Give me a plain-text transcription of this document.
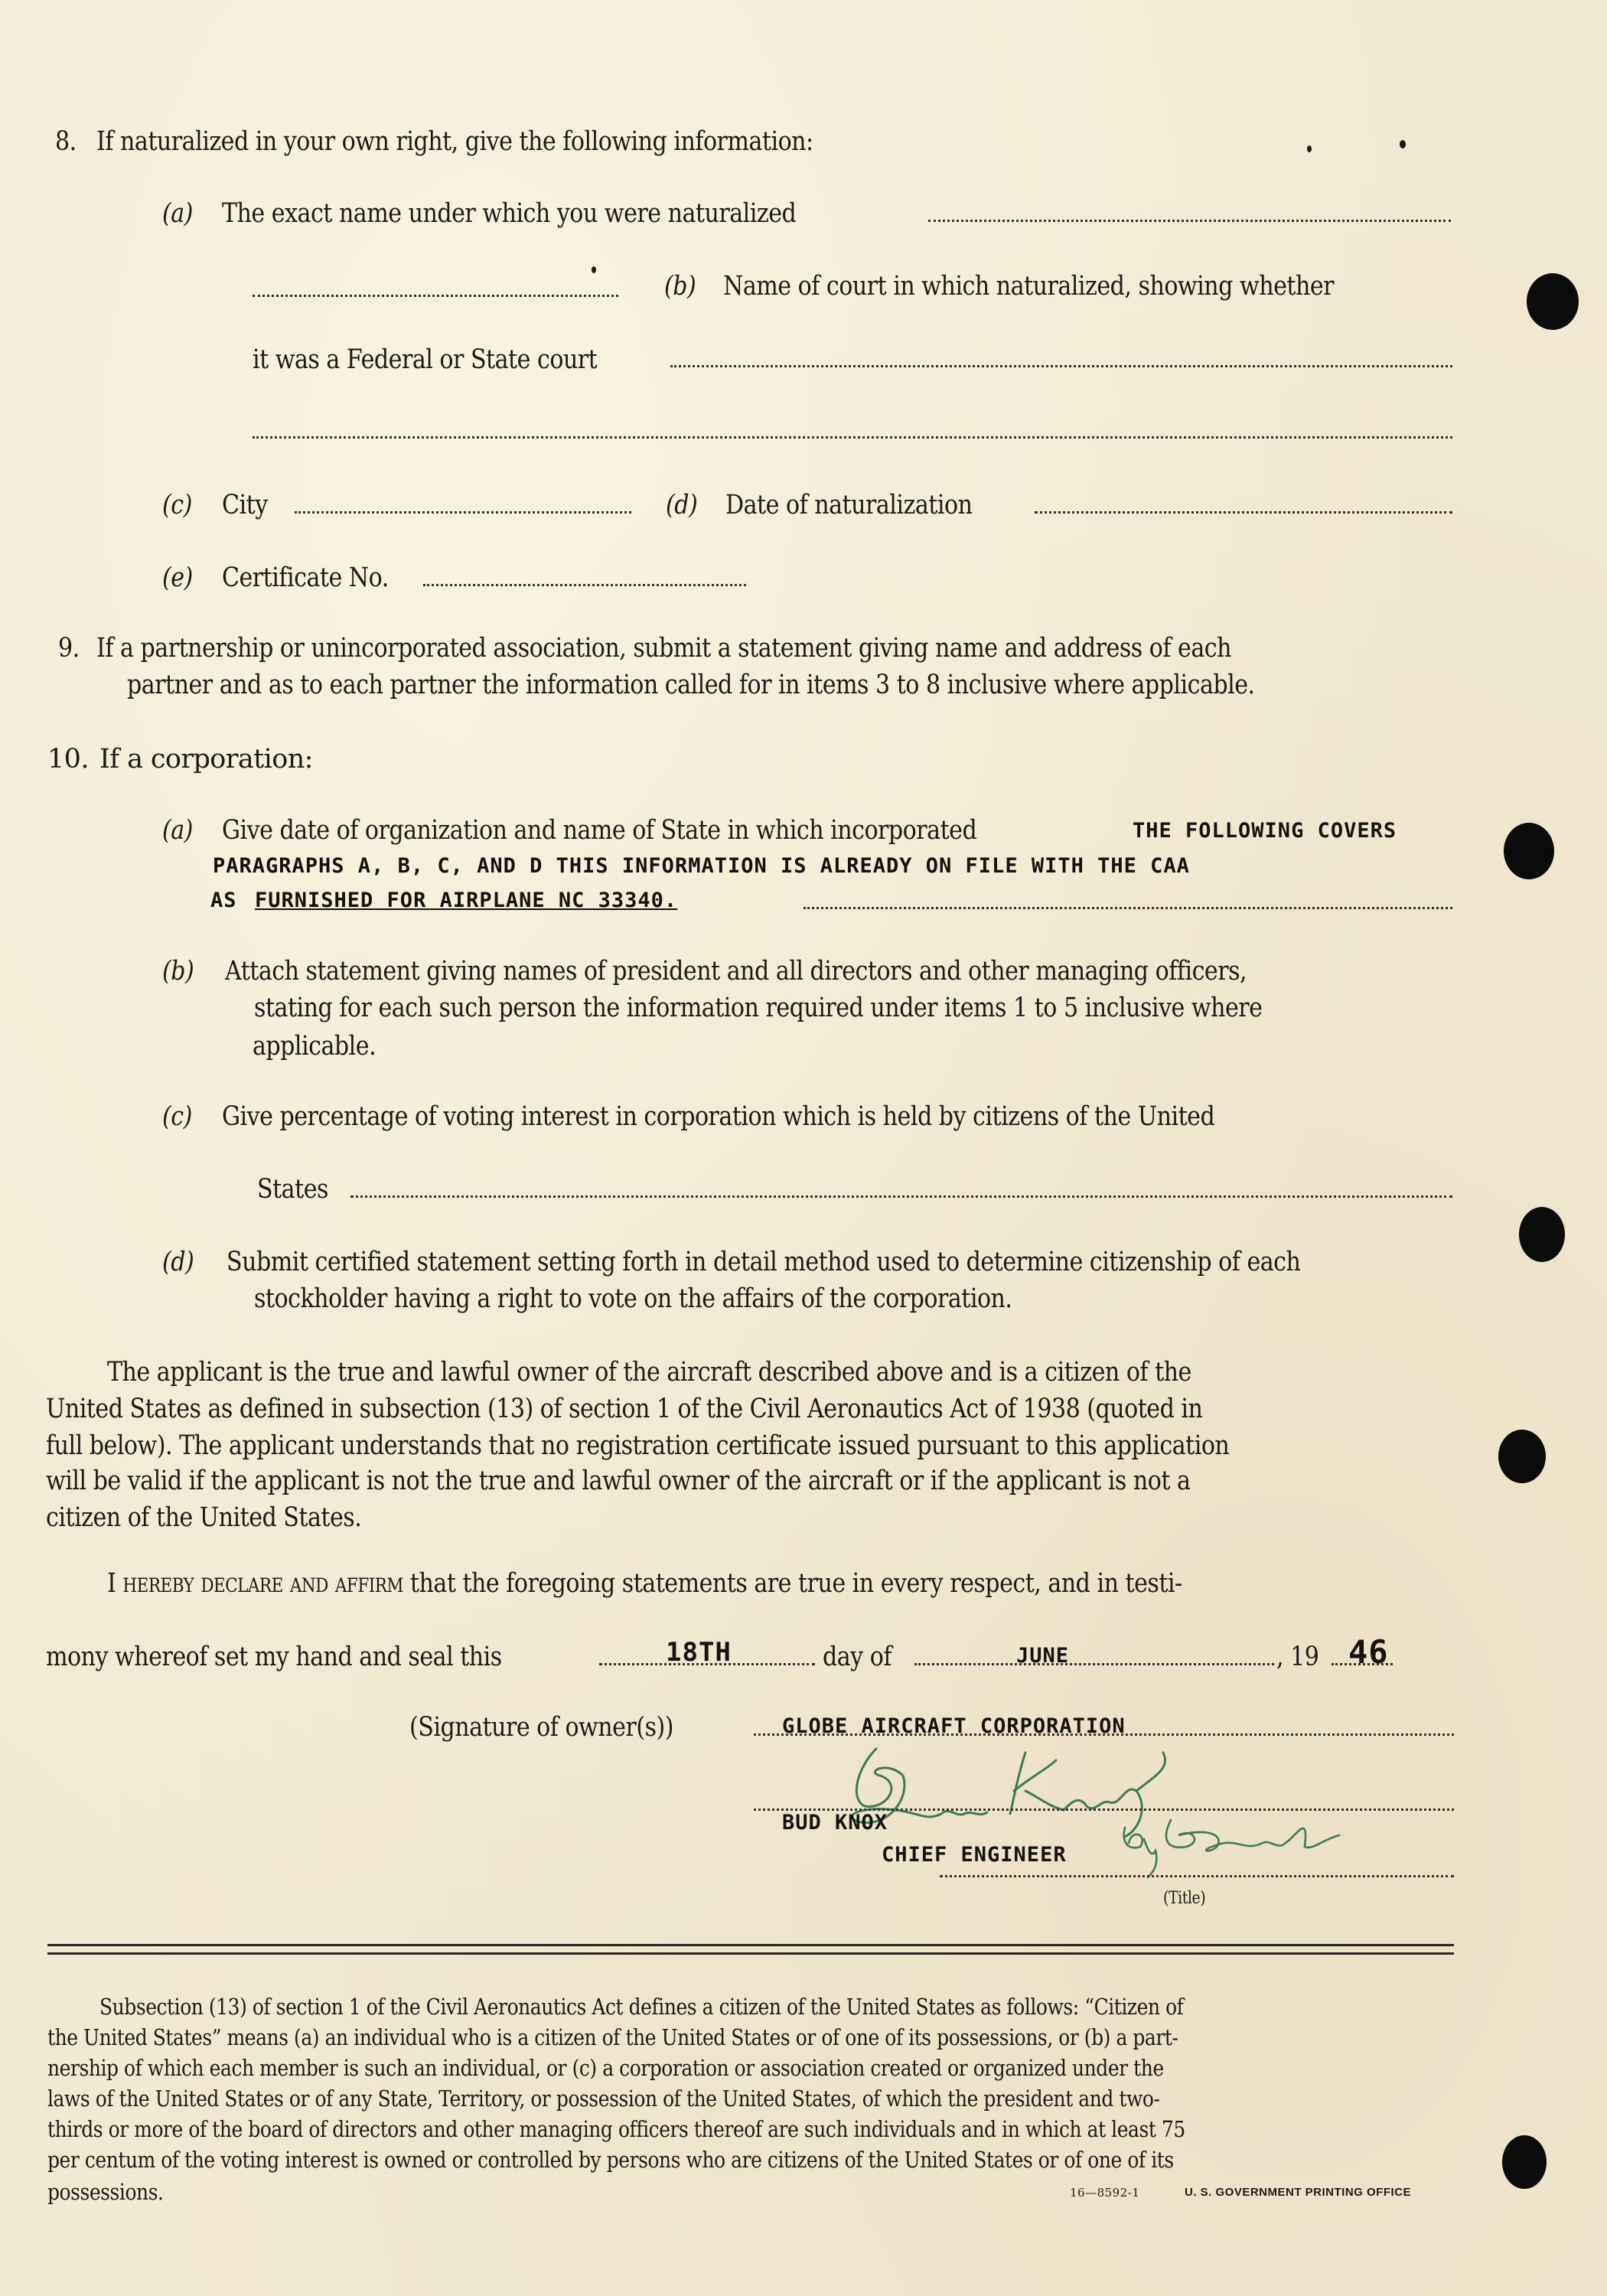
8. If naturalized in your own right, give the following information:
(a) The exact name under which you were naturalized
(b) Name of court in which naturalized, showing whether
it was a Federal or State court
(c) City	(d) Date of naturalization
(e) Certificate No.
9. If a partnership or unincorporated association, submit a statement giving name and address of each
partner and as to each partner the information called for in items 3 to 8 inclusive where applicable.
10. If a corporation:
(a) Give date of organization and name of State in which incorporated	THE FOLLOWING COVERS
PARAGRAPHS A, B, C, AND D THIS INFORMATION IS ALREADY ON FILE WITH THE CAA
AS FURNISHED FOR AIRPLANE NC 33340.
(b) Attach statement giving names of president and all directors and other managing officers,
stating for each such person the information required under items 1 to 5 inclusive where
applicable.
(c) Give percentage of voting interest in corporation which is held by citizens of the United
States
(d) Submit certified statement setting forth in detail method used to determine citizenship of each
stockholder having a right to vote on the affairs of the corporation.
The applicant is the true and lawful owner of the aircraft described above and is a citizen of the
United States as defined in subsection (13) of section 1 of the Civil Aeronautics Act of 1938 (quoted in
full below). The applicant understands that no registration certificate issued pursuant to this application
will be valid if the applicant is not the true and lawful owner of the aircraft or if the applicant is not a
citizen of the United States.
I hereby declare and affirm that the foregoing statements are true in every respect, and in testi-
mony whereof set my hand and seal this	18TH	day of	JUNE	, 19 46
(Signature of owner(s))	GLOBE AIRCRAFT CORPORATION
BUD KNOX
CHIEF ENGINEER
(Title)
Subsection (13) of section 1 of the Civil Aeronautics Act defines a citizen of the United States as follows: “Citizen of
the United States” means (a) an individual who is a citizen of the United States or of one of its possessions, or (b) a part-
nership of which each member is such an individual, or (c) a corporation or association created or organized under the
laws of the United States or of any State, Territory, or possession of the United States, of which the president and two-
thirds or more of the board of directors and other managing officers thereof are such individuals and in which at least 75
per centum of the voting interest is owned or controlled by persons who are citizens of the United States or of one of its
possessions.	16—8592-1	U. S. GOVERNMENT PRINTING OFFICE
